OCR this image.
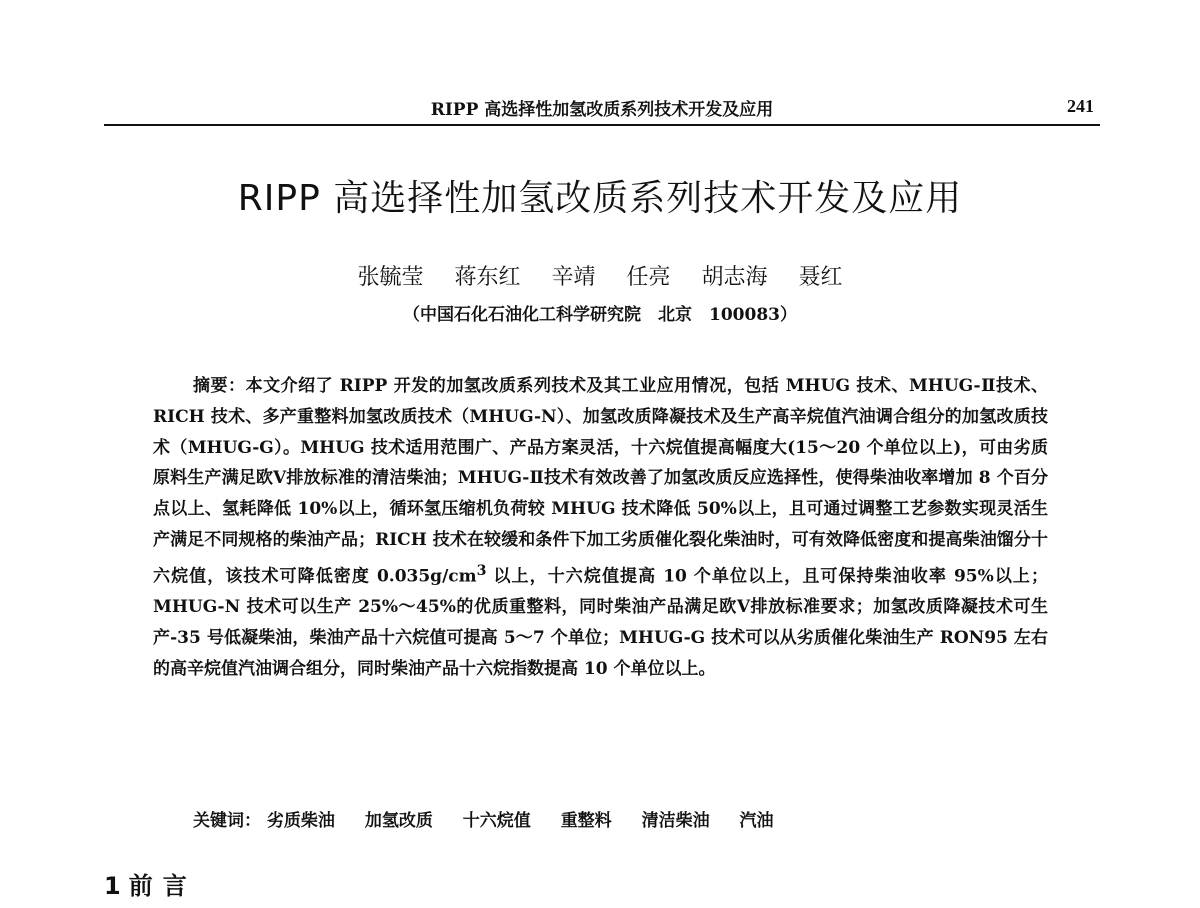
RIPP 高选择性加氢改质系列技术开发及应用	241
RIPP 高选择性加氢改质系列技术开发及应用
张毓莹 蒋东红 辛靖 任亮 胡志海 聂红
（中国石化石油化工科学研究院　北京　100083）

摘要：本文介绍了 RIPP 开发的加氢改质系列技术及其工业应用情况，包括 MHUG 技术、MHUG-Ⅱ技术、RICH 技术、多产重整料加氢改质技术（MHUG-N）、加氢改质降凝技术及生产高辛烷值汽油调合组分的加氢改质技术（MHUG-G）。MHUG 技术适用范围广、产品方案灵活，十六烷值提高幅度大(15～20 个单位以上)，可由劣质原料生产满足欧Ⅴ排放标准的清洁柴油；MHUG-Ⅱ技术有效改善了加氢改质反应选择性，使得柴油收率增加 8 个百分点以上、氢耗降低 10%以上，循环氢压缩机负荷较 MHUG 技术降低 50%以上，且可通过调整工艺参数实现灵活生产满足不同规格的柴油产品；RICH 技术在较缓和条件下加工劣质催化裂化柴油时，可有效降低密度和提高柴油馏分十六烷值，该技术可降低密度 $0.035g/cm^3$ 以上，十六烷值提高 10 个单位以上，且可保持柴油收率 95%以上；MHUG-N 技术可以生产 25%～45%的优质重整料，同时柴油产品满足欧Ⅴ排放标准要求；加氢改质降凝技术可生产-35 号低凝柴油，柴油产品十六烷值可提高 5～7 个单位；MHUG-G 技术可以从劣质催化柴油生产 RON95 左右的高辛烷值汽油调合组分，同时柴油产品十六烷指数提高 10 个单位以上。

关键词： 劣质柴油 加氢改质 十六烷值 重整料 清洁柴油 汽油
1 前言
